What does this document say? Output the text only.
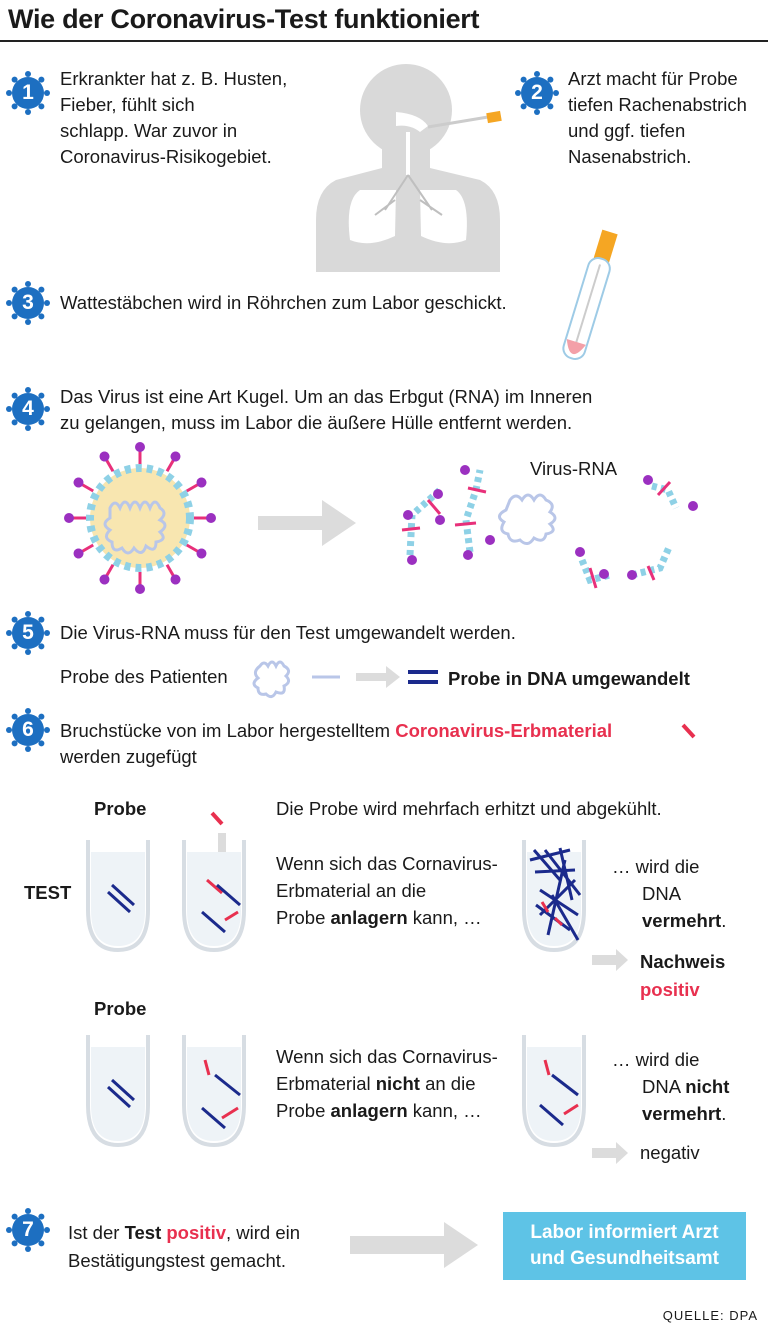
Wie der Coronavirus-Test funktioniert
1	2
3
4
5
6
7
Erkrankter hat z. B. Husten,
Fieber, fühlt sich
schlapp. War zuvor in
Coronavirus-Risikogebiet.
Arzt macht für Probe
tiefen Rachenabstrich
und ggf. tiefen
Nasenabstrich.
Wattestäbchen wird in Röhrchen zum Labor geschickt.
Das Virus ist eine Art Kugel. Um an das Erbgut (RNA) im Inneren
zu gelangen, muss im Labor die äußere Hülle entfernt werden.
Virus-RNA
Die Virus-RNA muss für den Test umgewandelt werden.
Probe des Patienten	Probe in DNA umgewandelt
Bruchstücke von im Labor hergestelltem Coronavirus-Erbmaterial
werden zugefügt
Probe	Die Probe wird mehrfach erhitzt und abgekühlt.
TEST
Wenn sich das Cornavirus-
Erbmaterial an die
Probe anlagern kann, …
… wird die
DNA
vermehrt.
Nachweis
positiv
Probe
Wenn sich das Cornavirus-
Erbmaterial nicht an die
Probe anlagern kann, …
… wird die
DNA nicht
vermehrt.
negativ
Ist der Test positiv, wird ein
Bestätigungstest gemacht.
Labor informiert Arzt
und Gesundheitsamt
QUELLE: DPA
